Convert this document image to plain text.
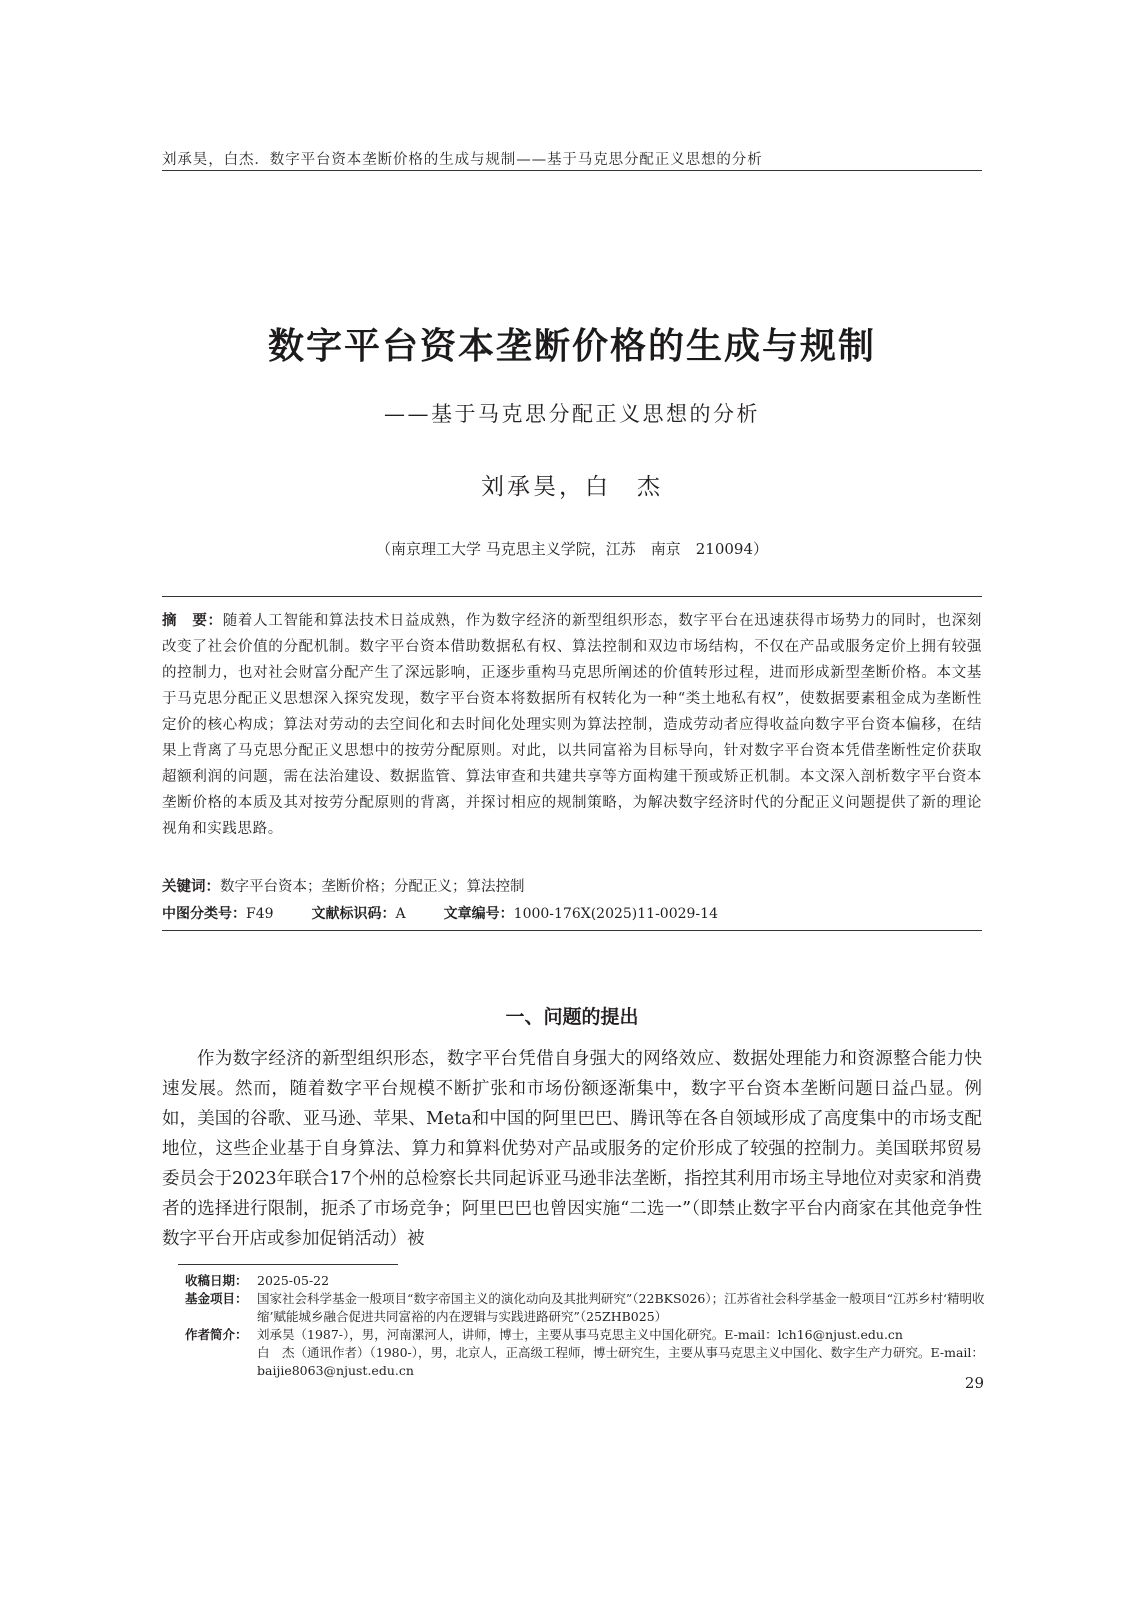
刘承昊，白杰．数字平台资本垄断价格的生成与规制——基于马克思分配正义思想的分析
数字平台资本垄断价格的生成与规制
——基于马克思分配正义思想的分析
刘承昊，白　杰
（南京理工大学 马克思主义学院，江苏　南京　210094）
摘　要：随着人工智能和算法技术日益成熟，作为数字经济的新型组织形态，数字平台在迅速获得市场势力的同时，也深刻改变了社会价值的分配机制。数字平台资本借助数据私有权、算法控制和双边市场结构，不仅在产品或服务定价上拥有较强的控制力，也对社会财富分配产生了深远影响，正逐步重构马克思所阐述的价值转形过程，进而形成新型垄断价格。本文基于马克思分配正义思想深入探究发现，数字平台资本将数据所有权转化为一种“类土地私有权”，使数据要素租金成为垄断性定价的核心构成；算法对劳动的去空间化和去时间化处理实则为算法控制，造成劳动者应得收益向数字平台资本偏移，在结果上背离了马克思分配正义思想中的按劳分配原则。对此，以共同富裕为目标导向，针对数字平台资本凭借垄断性定价获取超额利润的问题，需在法治建设、数据监管、算法审查和共建共享等方面构建干预或矫正机制。本文深入剖析数字平台资本垄断价格的本质及其对按劳分配原则的背离，并探讨相应的规制策略，为解决数字经济时代的分配正义问题提供了新的理论视角和实践思路。
关键词：数字平台资本；垄断价格；分配正义；算法控制
中图分类号：F49	文献标识码：A	文章编号：1000-176X(2025)11-0029-14
一、问题的提出
作为数字经济的新型组织形态，数字平台凭借自身强大的网络效应、数据处理能力和资源整合能力快速发展。然而，随着数字平台规模不断扩张和市场份额逐渐集中，数字平台资本垄断问题日益凸显。例如，美国的谷歌、亚马逊、苹果、Meta和中国的阿里巴巴、腾讯等在各自领域形成了高度集中的市场支配地位，这些企业基于自身算法、算力和算料优势对产品或服务的定价形成了较强的控制力。美国联邦贸易委员会于2023年联合17个州的总检察长共同起诉亚马逊非法垄断，指控其利用市场主导地位对卖家和消费者的选择进行限制，扼杀了市场竞争；阿里巴巴也曾因实施“二选一”（即禁止数字平台内商家在其他竞争性数字平台开店或参加促销活动）被
收稿日期： 2025-05-22
基金项目： 国家社会科学基金一般项目“数字帝国主义的演化动向及其批判研究”（22BKS026）；江苏省社会科学基金一般项目“江苏乡村‘精明收缩’赋能城乡融合促进共同富裕的内在逻辑与实践进路研究”（25ZHB025）
作者简介： 刘承昊（1987-），男，河南漯河人，讲师，博士，主要从事马克思主义中国化研究。E-mail：lch16@njust.edu.cn
白　杰（通讯作者）（1980-），男，北京人，正高级工程师，博士研究生，主要从事马克思主义中国化、数字生产力研究。E-mail：baijie8063@njust.edu.cn
29
